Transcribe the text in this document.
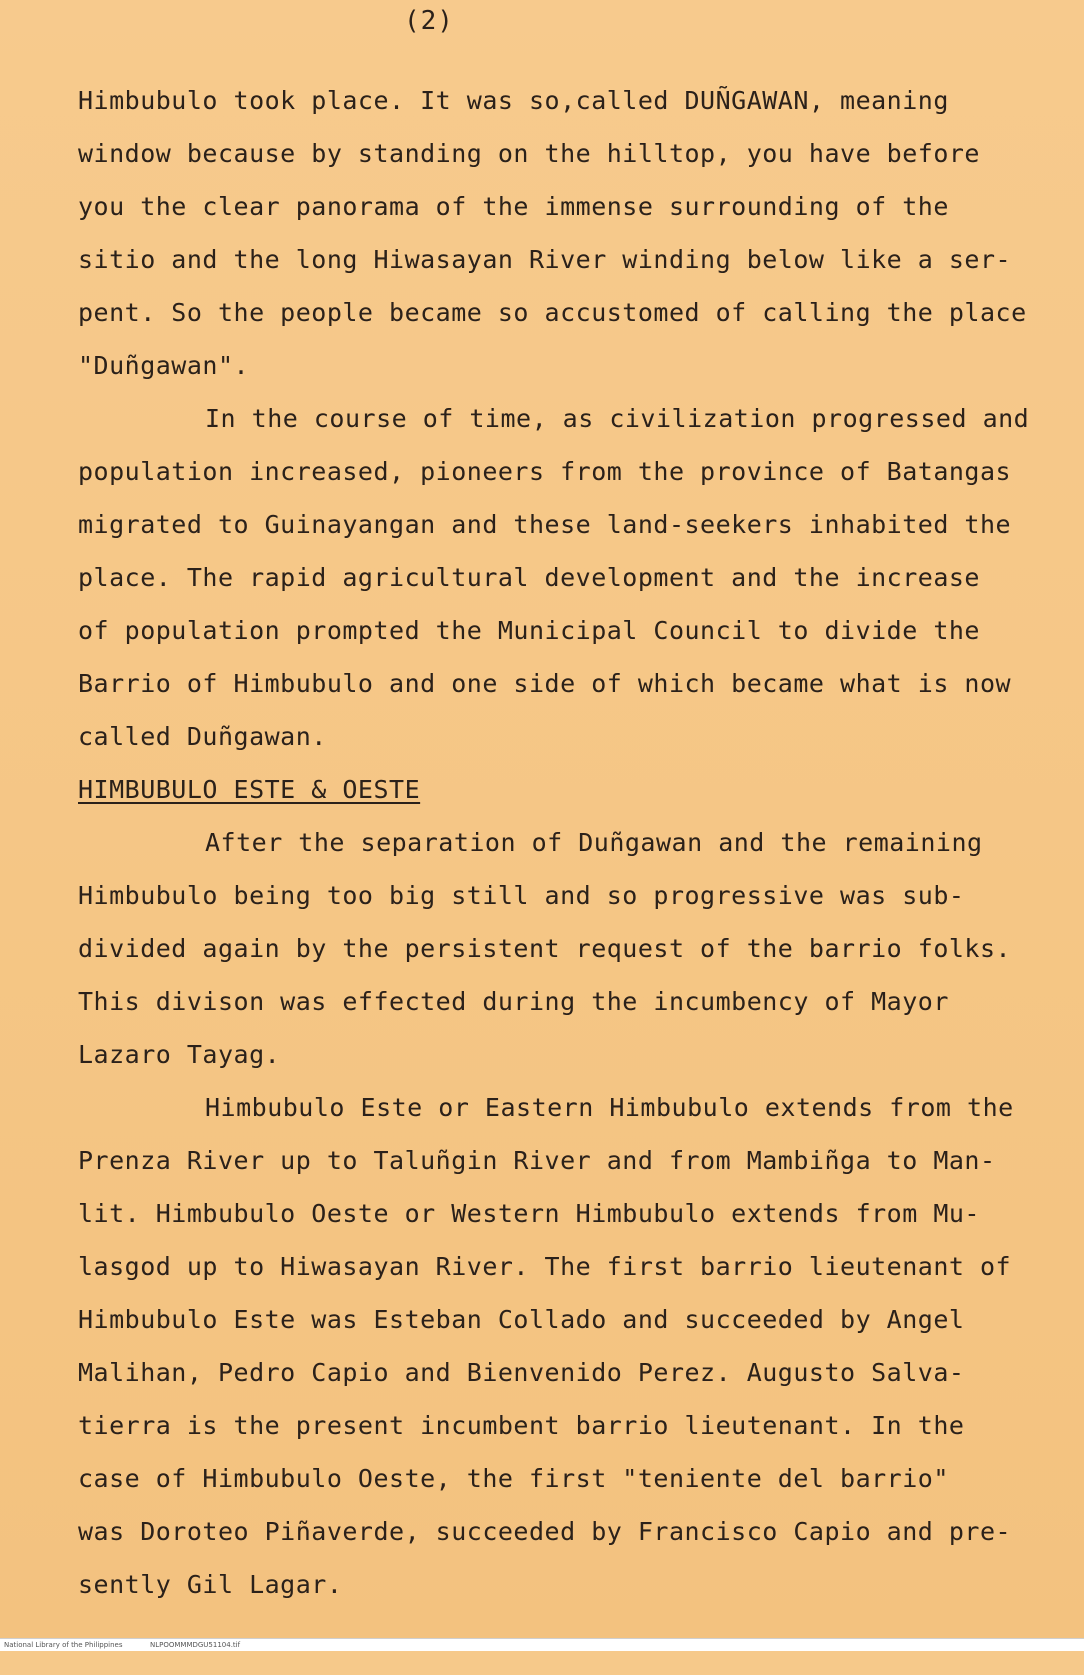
(2)
Himbubulo took place. It was so,called DUÑGAWAN, meaning
window because by standing on the hilltop, you have before
you the clear panorama of the immense surrounding of the
sitio and the long Hiwasayan River winding below like a ser-
pent. So the people became so accustomed of calling the place
"Duñgawan".
In the course of time, as civilization progressed and
population increased, pioneers from the province of Batangas
migrated to Guinayangan and these land-seekers inhabited the
place. The rapid agricultural development and the increase
of population prompted the Municipal Council to divide the
Barrio of Himbubulo and one side of which became what is now
called Duñgawan.
HIMBUBULO ESTE & OESTE
After the separation of Duñgawan and the remaining
Himbubulo being too big still and so progressive was sub-
divided again by the persistent request of the barrio folks.
This divison was effected during the incumbency of Mayor
Lazaro Tayag.
Himbubulo Este or Eastern Himbubulo extends from the
Prenza River up to Taluñgin River and from Mambiñga to Man-
lit. Himbubulo Oeste or Western Himbubulo extends from Mu-
lasgod up to Hiwasayan River. The first barrio lieutenant of
Himbubulo Este was Esteban Collado and succeeded by Angel
Malihan, Pedro Capio and Bienvenido Perez. Augusto Salva-
tierra is the present incumbent barrio lieutenant. In the
case of Himbubulo Oeste, the first "teniente del barrio"
was Doroteo Piñaverde, succeeded by Francisco Capio and pre-
sently Gil Lagar.

National Library of the Philippines

	NLPOOMMMDGU51104.tif
